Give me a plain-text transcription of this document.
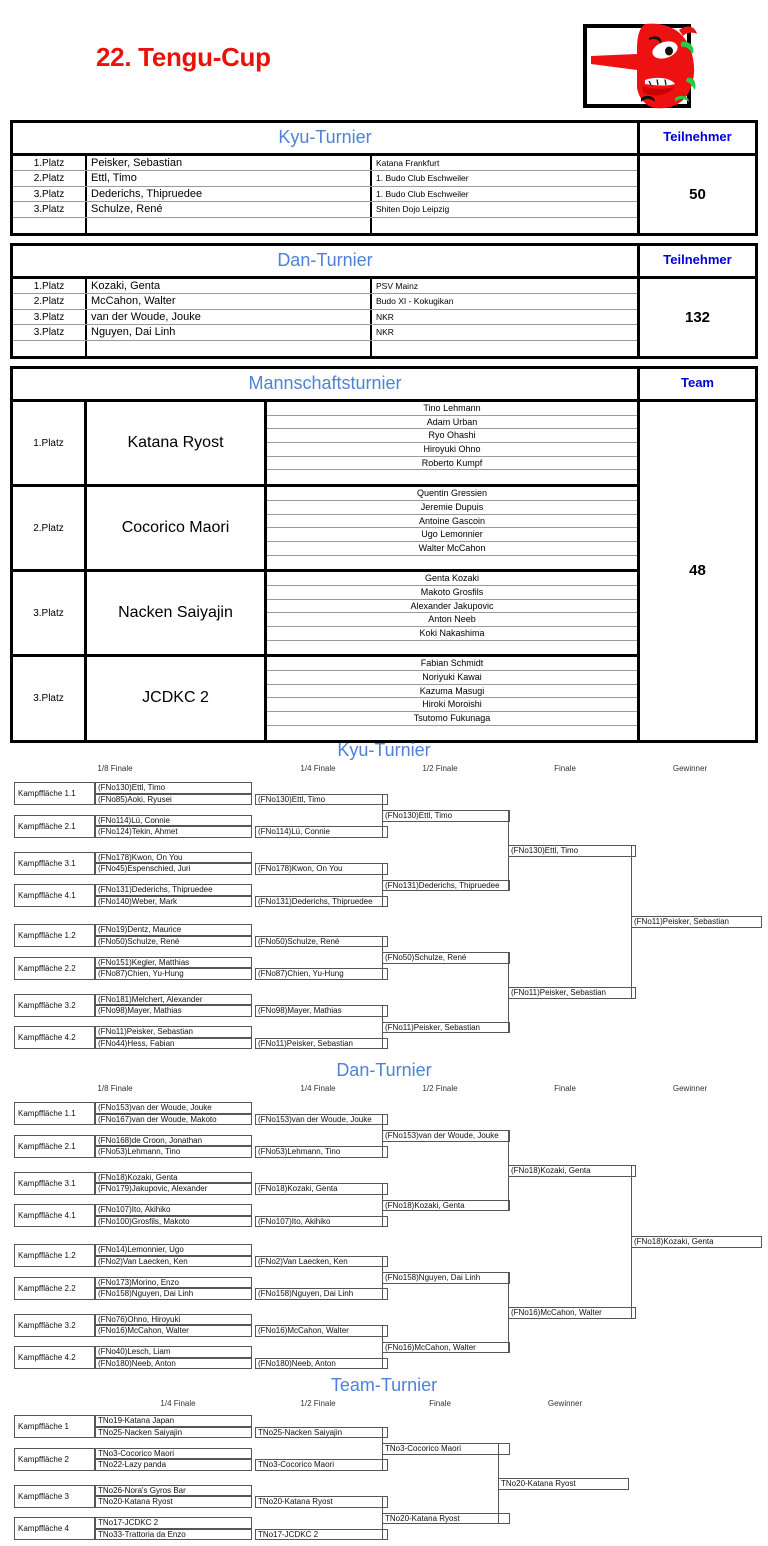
22. Tengu-Cup
Kyu-Turnier	Teilnehmer
1.Platz	Peisker, Sebastian	Katana Frankfurt
2.Platz	Ettl, Timo	1. Budo Club Eschweiler
3.Platz	Dederichs, Thipruedee	1. Budo Club Eschweiler
3.Platz	Schulze, René	Shiten Dojo Leipzig
50
Dan-Turnier	Teilnehmer
1.Platz	Kozaki, Genta	PSV Mainz
2.Platz	McCahon, Walter	Budo XI - Kokugikan
3.Platz	van der Woude, Jouke	NKR
3.Platz	Nguyen, Dai Linh	NKR
132
Mannschaftsturnier	Team
1.Platz	Katana Ryost
Tino Lehmann
Adam Urban
Ryo Ohashi
Hiroyuki Ohno
Roberto Kumpf
2.Platz	Cocorico Maori
Quentin Gressien
Jeremie Dupuis
Antoine Gascoin
Ugo Lemonnier
Walter McCahon
3.Platz	Nacken Saiyajin
Genta Kozaki
Makoto Grosfils
Alexander Jakupovic
Anton Neeb
Koki Nakashima
3.Platz	JCDKC 2
Fabian Schmidt
Noriyuki Kawai
Kazuma Masugi
Hiroki Moroishi
Tsutomo Fukunaga
48
Kyu-Turnier
1/8 Finale	1/4 Finale	1/2 Finale	Finale	Gewinner
Kampffläche 1.1
(FNo130)Ettl, Timo
(FNo85)Aoki, Ryusei
Kampffläche 2.1
(FNo114)Lü, Connie
(FNo124)Tekin, Ahmet
Kampffläche 3.1
(FNo178)Kwon, On You
(FNo45)Espenschied, Juri
Kampffläche 4.1
(FNo131)Dederichs, Thipruedee
(FNo140)Weber, Mark
Kampffläche 1.2
(FNo19)Dentz, Maurice
(FNo50)Schulze, René
Kampffläche 2.2
(FNo151)Kegler, Matthias
(FNo87)Chien, Yu-Hung
Kampffläche 3.2
(FNo181)Melchert, Alexander
(FNo98)Mayer, Mathias
Kampffläche 4.2
(FNo11)Peisker, Sebastian
(FNo44)Hess, Fabian
(FNo130)Ettl, Timo
(FNo114)Lü, Connie
(FNo178)Kwon, On You
(FNo131)Dederichs, Thipruedee
(FNo50)Schulze, René
(FNo87)Chien, Yu-Hung
(FNo98)Mayer, Mathias
(FNo11)Peisker, Sebastian
(FNo130)Ettl, Timo
(FNo131)Dederichs, Thipruedee
(FNo50)Schulze, René
(FNo11)Peisker, Sebastian
(FNo130)Ettl, Timo
(FNo11)Peisker, Sebastian
(FNo11)Peisker, Sebastian
Dan-Turnier
1/8 Finale	1/4 Finale	1/2 Finale	Finale	Gewinner
Kampffläche 1.1
(FNo153)van der Woude, Jouke
(FNo167)van der Woude, Makoto
Kampffläche 2.1
(FNo168)de Croon, Jonathan
(FNo53)Lehmann, Tino
Kampffläche 3.1
(FNo18)Kozaki, Genta
(FNo179)Jakupovic, Alexander
Kampffläche 4.1
(FNo107)Ito, Akihiko
(FNo100)Grosfils, Makoto
Kampffläche 1.2
(FNo14)Lemonnier, Ugo
(FNo2)Van Laecken, Ken
Kampffläche 2.2
(FNo173)Morino, Enzo
(FNo158)Nguyen, Dai Linh
Kampffläche 3.2
(FNo76)Ohno, Hiroyuki
(FNo16)McCahon, Walter
Kampffläche 4.2
(FNo40)Lesch, Liam
(FNo180)Neeb, Anton
(FNo153)van der Woude, Jouke
(FNo53)Lehmann, Tino
(FNo18)Kozaki, Genta
(FNo107)Ito, Akihiko
(FNo2)Van Laecken, Ken
(FNo158)Nguyen, Dai Linh
(FNo16)McCahon, Walter
(FNo180)Neeb, Anton
(FNo153)van der Woude, Jouke
(FNo18)Kozaki, Genta
(FNo158)Nguyen, Dai Linh
(FNo16)McCahon, Walter
(FNo18)Kozaki, Genta
(FNo16)McCahon, Walter
(FNo18)Kozaki, Genta
Team-Turnier
1/4 Finale	1/2 Finale	Finale	Gewinner
Kampffläche 1
TNo19-Katana Japan
TNo25-Nacken Saiyajin
Kampffläche 2
TNo3-Cocorico Maori
TNo22-Lazy panda
Kampffläche 3
TNo26-Nora's Gyros Bar
TNo20-Katana Ryost
Kampffläche 4
TNo17-JCDKC 2
TNo33-Trattoria da Enzo
TNo25-Nacken Saiyajin
TNo3-Cocorico Maori
TNo20-Katana Ryost
TNo17-JCDKC 2
TNo3-Cocorico Maori
TNo20-Katana Ryost
TNo20-Katana Ryost
